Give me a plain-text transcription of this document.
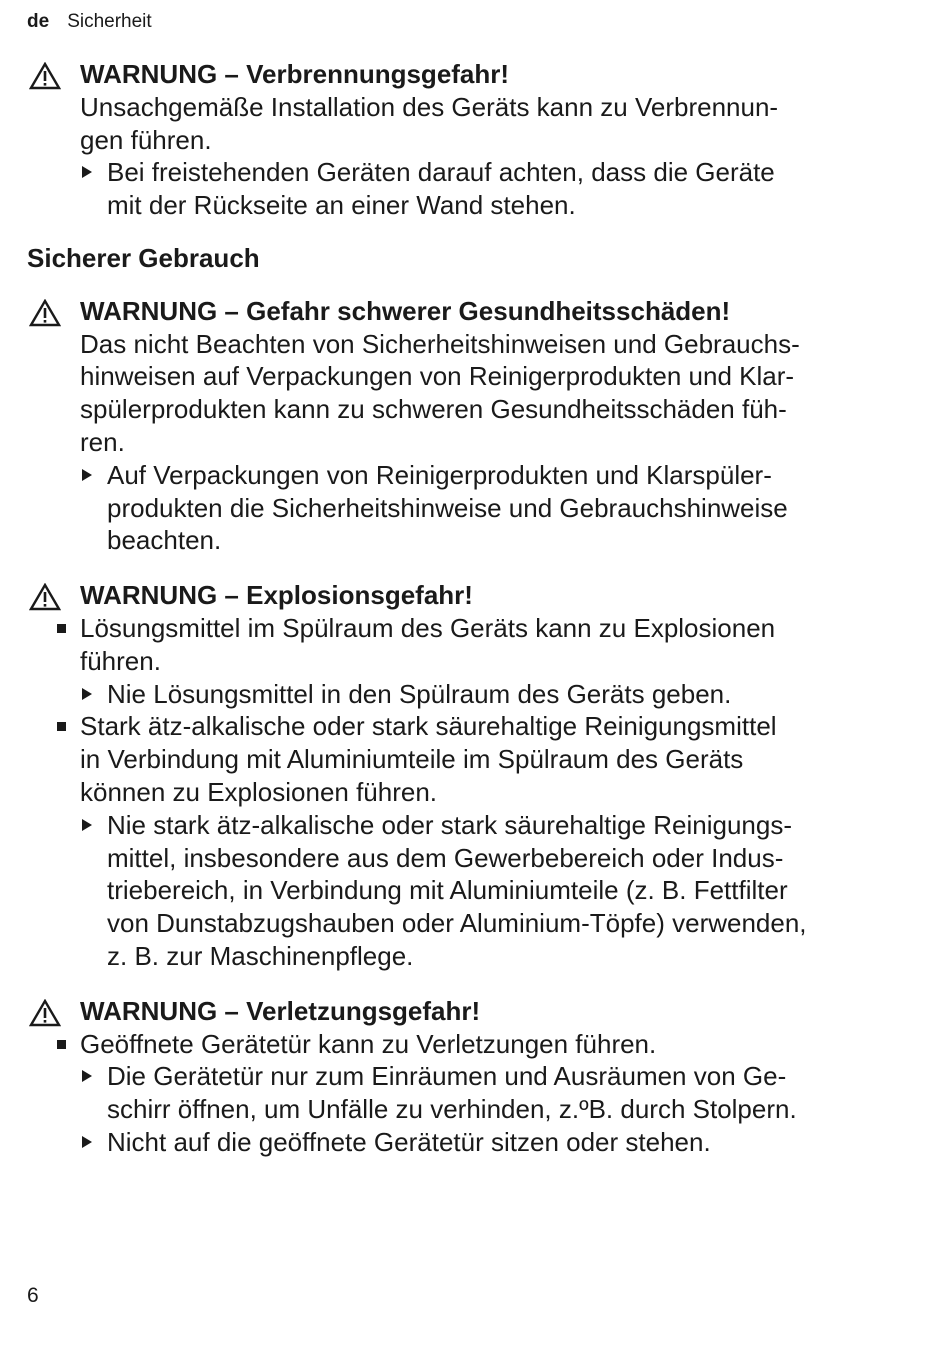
de Sicherheit
WARNUNG – Verbrennungsgefahr!
Unsachgemäße Installation des Geräts kann zu Verbrennun-
gen führen.
Bei freistehenden Geräten darauf achten, dass die Geräte
mit der Rückseite an einer Wand stehen.
Sicherer Gebrauch
WARNUNG – Gefahr schwerer Gesundheitsschäden!
Das nicht Beachten von Sicherheitshinweisen und Gebrauchs-
hinweisen auf Verpackungen von Reinigerprodukten und Klar-
spülerprodukten kann zu schweren Gesundheitsschäden füh-
ren.
Auf Verpackungen von Reinigerprodukten und Klarspüler-
produkten die Sicherheitshinweise und Gebrauchshinweise
beachten.
WARNUNG – Explosionsgefahr!
Lösungsmittel im Spülraum des Geräts kann zu Explosionen
führen.
Nie Lösungsmittel in den Spülraum des Geräts geben.
Stark ätz-alkalische oder stark säurehaltige Reinigungsmittel
in Verbindung mit Aluminiumteile im Spülraum des Geräts
können zu Explosionen führen.
Nie stark ätz-alkalische oder stark säurehaltige Reinigungs-
mittel, insbesondere aus dem Gewerbebereich oder Indus-
triebereich, in Verbindung mit Aluminiumteile (z. B. Fettfilter
von Dunstabzugshauben oder Aluminium-Töpfe) verwenden,
z. B. zur Maschinenpflege.
WARNUNG – Verletzungsgefahr!
Geöffnete Gerätetür kann zu Verletzungen führen.
Die Gerätetür nur zum Einräumen und Ausräumen von Ge-
schirr öffnen, um Unfälle zu verhinden, z.ºB. durch Stolpern.
Nicht auf die geöffnete Gerätetür sitzen oder stehen.
6
